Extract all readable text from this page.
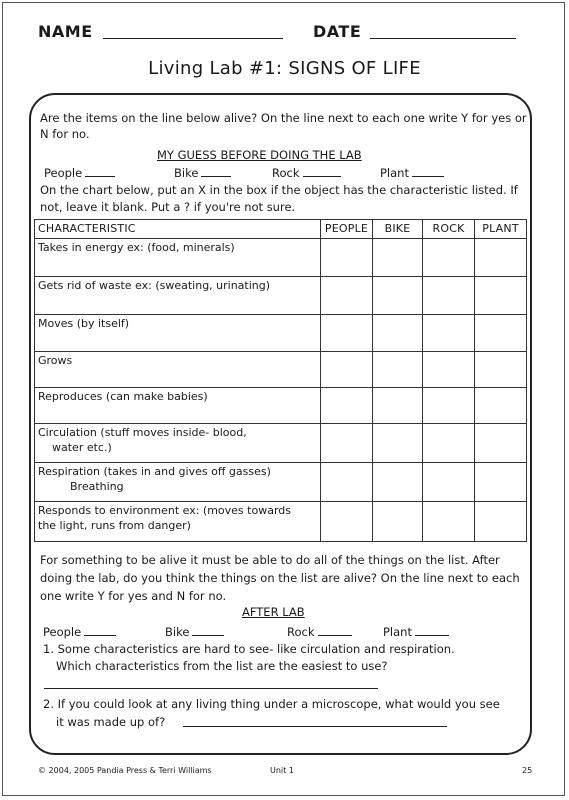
NAME	DATE
Living Lab #1: SIGNS OF LIFE
Are the items on the line below alive? On the line next to each one write Y for yes or
N for no.
MY GUESS BEFORE DOING THE LAB
People	Bike	Rock	Plant
On the chart below, put an X in the box if the object has the characteristic listed. If
not, leave it blank. Put a ? if you're not sure.
CHARACTERISTIC	PEOPLE	BIKE	ROCK	PLANT
Takes in energy ex: (food, minerals)

Gets rid of waste ex: (sweating, urinating)

Moves (by itself)

Grows

Reproduces (can make babies)

Circulation (stuff moves inside- blood,
water etc.)				

Respiration (takes in and gives off gasses)
Breathing				

Responds to environment ex: (moves towards
the light, runs from danger)				

For something to be alive it must be able to do all of the things on the list. After
doing the lab, do you think the things on the list are alive? On the line next to each
one write Y for yes and N for no.
AFTER LAB
People	Bike	Rock	Plant
1. Some characteristics are hard to see- like circulation and respiration.
Which characteristics from the list are the easiest to use?
2. If you could look at any living thing under a microscope, what would you see
it was made up of?
© 2004, 2005 Pandia Press & Terri Williams	Unit 1	25
